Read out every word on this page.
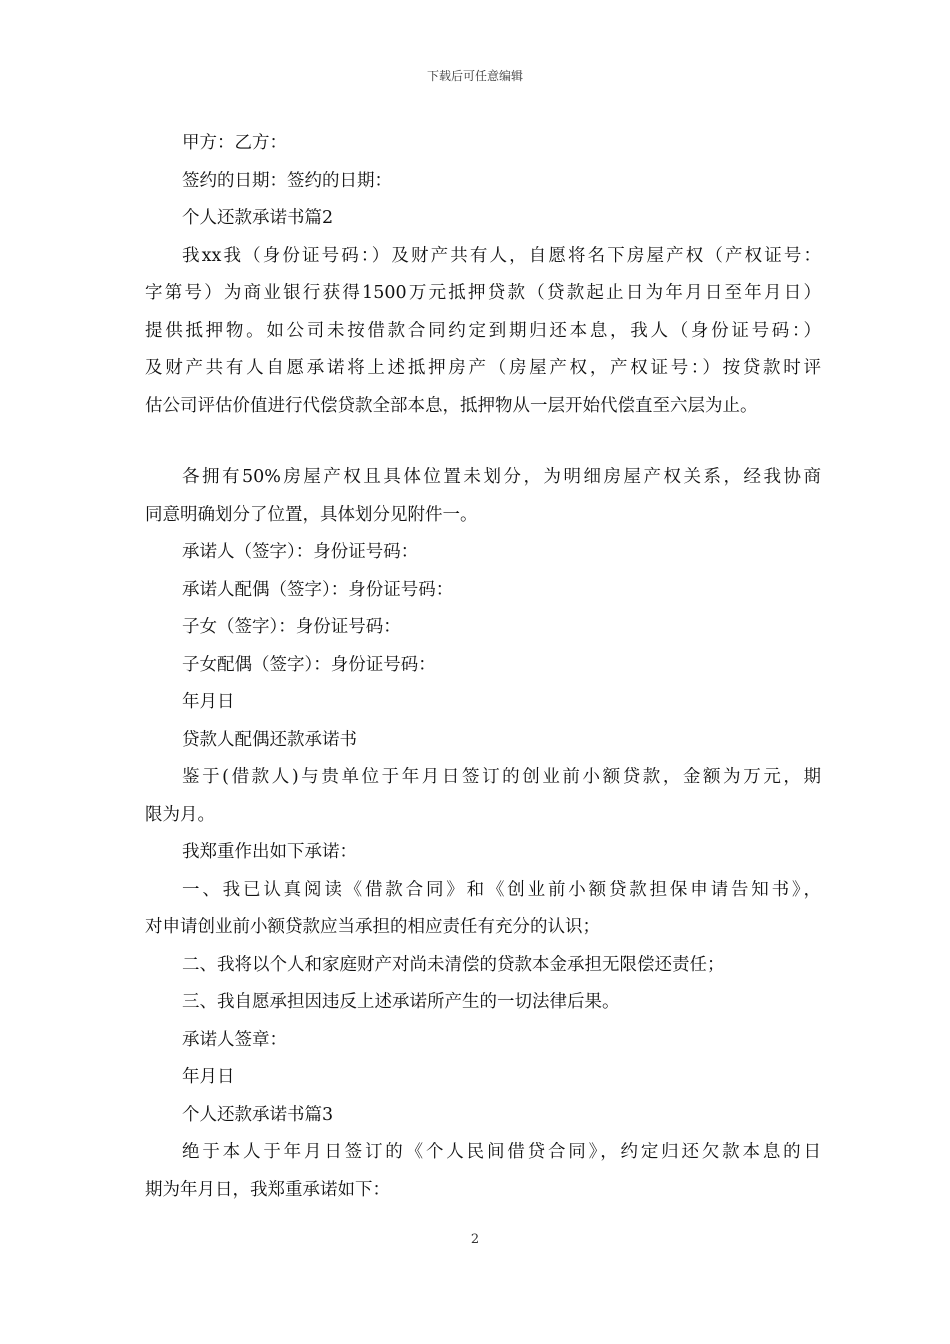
下载后可任意编辑
甲方：乙方：
签约的日期：签约的日期：
个人还款承诺书篇2
我xx我（身份证号码：）及财产共有人，自愿将名下房屋产权（产权证号：
字第号）为商业银行获得1500万元抵押贷款（贷款起止日为年月日至年月日）
提供抵押物。如公司未按借款合同约定到期归还本息，我人（身份证号码：）
及财产共有人自愿承诺将上述抵押房产（房屋产权，产权证号：）按贷款时评
估公司评估价值进行代偿贷款全部本息，抵押物从一层开始代偿直至六层为止。
各拥有50%房屋产权且具体位置未划分，为明细房屋产权关系，经我协商
同意明确划分了位置，具体划分见附件一。
承诺人（签字）：身份证号码：
承诺人配偶（签字）：身份证号码：
子女（签字）：身份证号码：
子女配偶（签字）：身份证号码：
年月日
贷款人配偶还款承诺书
鉴于(借款人)与贵单位于年月日签订的创业前小额贷款，金额为万元，期
限为月。
我郑重作出如下承诺：
一、我已认真阅读《借款合同》和《创业前小额贷款担保申请告知书》，
对申请创业前小额贷款应当承担的相应责任有充分的认识；
二、我将以个人和家庭财产对尚未清偿的贷款本金承担无限偿还责任；
三、我自愿承担因违反上述承诺所产生的一切法律后果。
承诺人签章：
年月日
个人还款承诺书篇3
绝于本人于年月日签订的《个人民间借贷合同》，约定归还欠款本息的日
期为年月日，我郑重承诺如下：
2
